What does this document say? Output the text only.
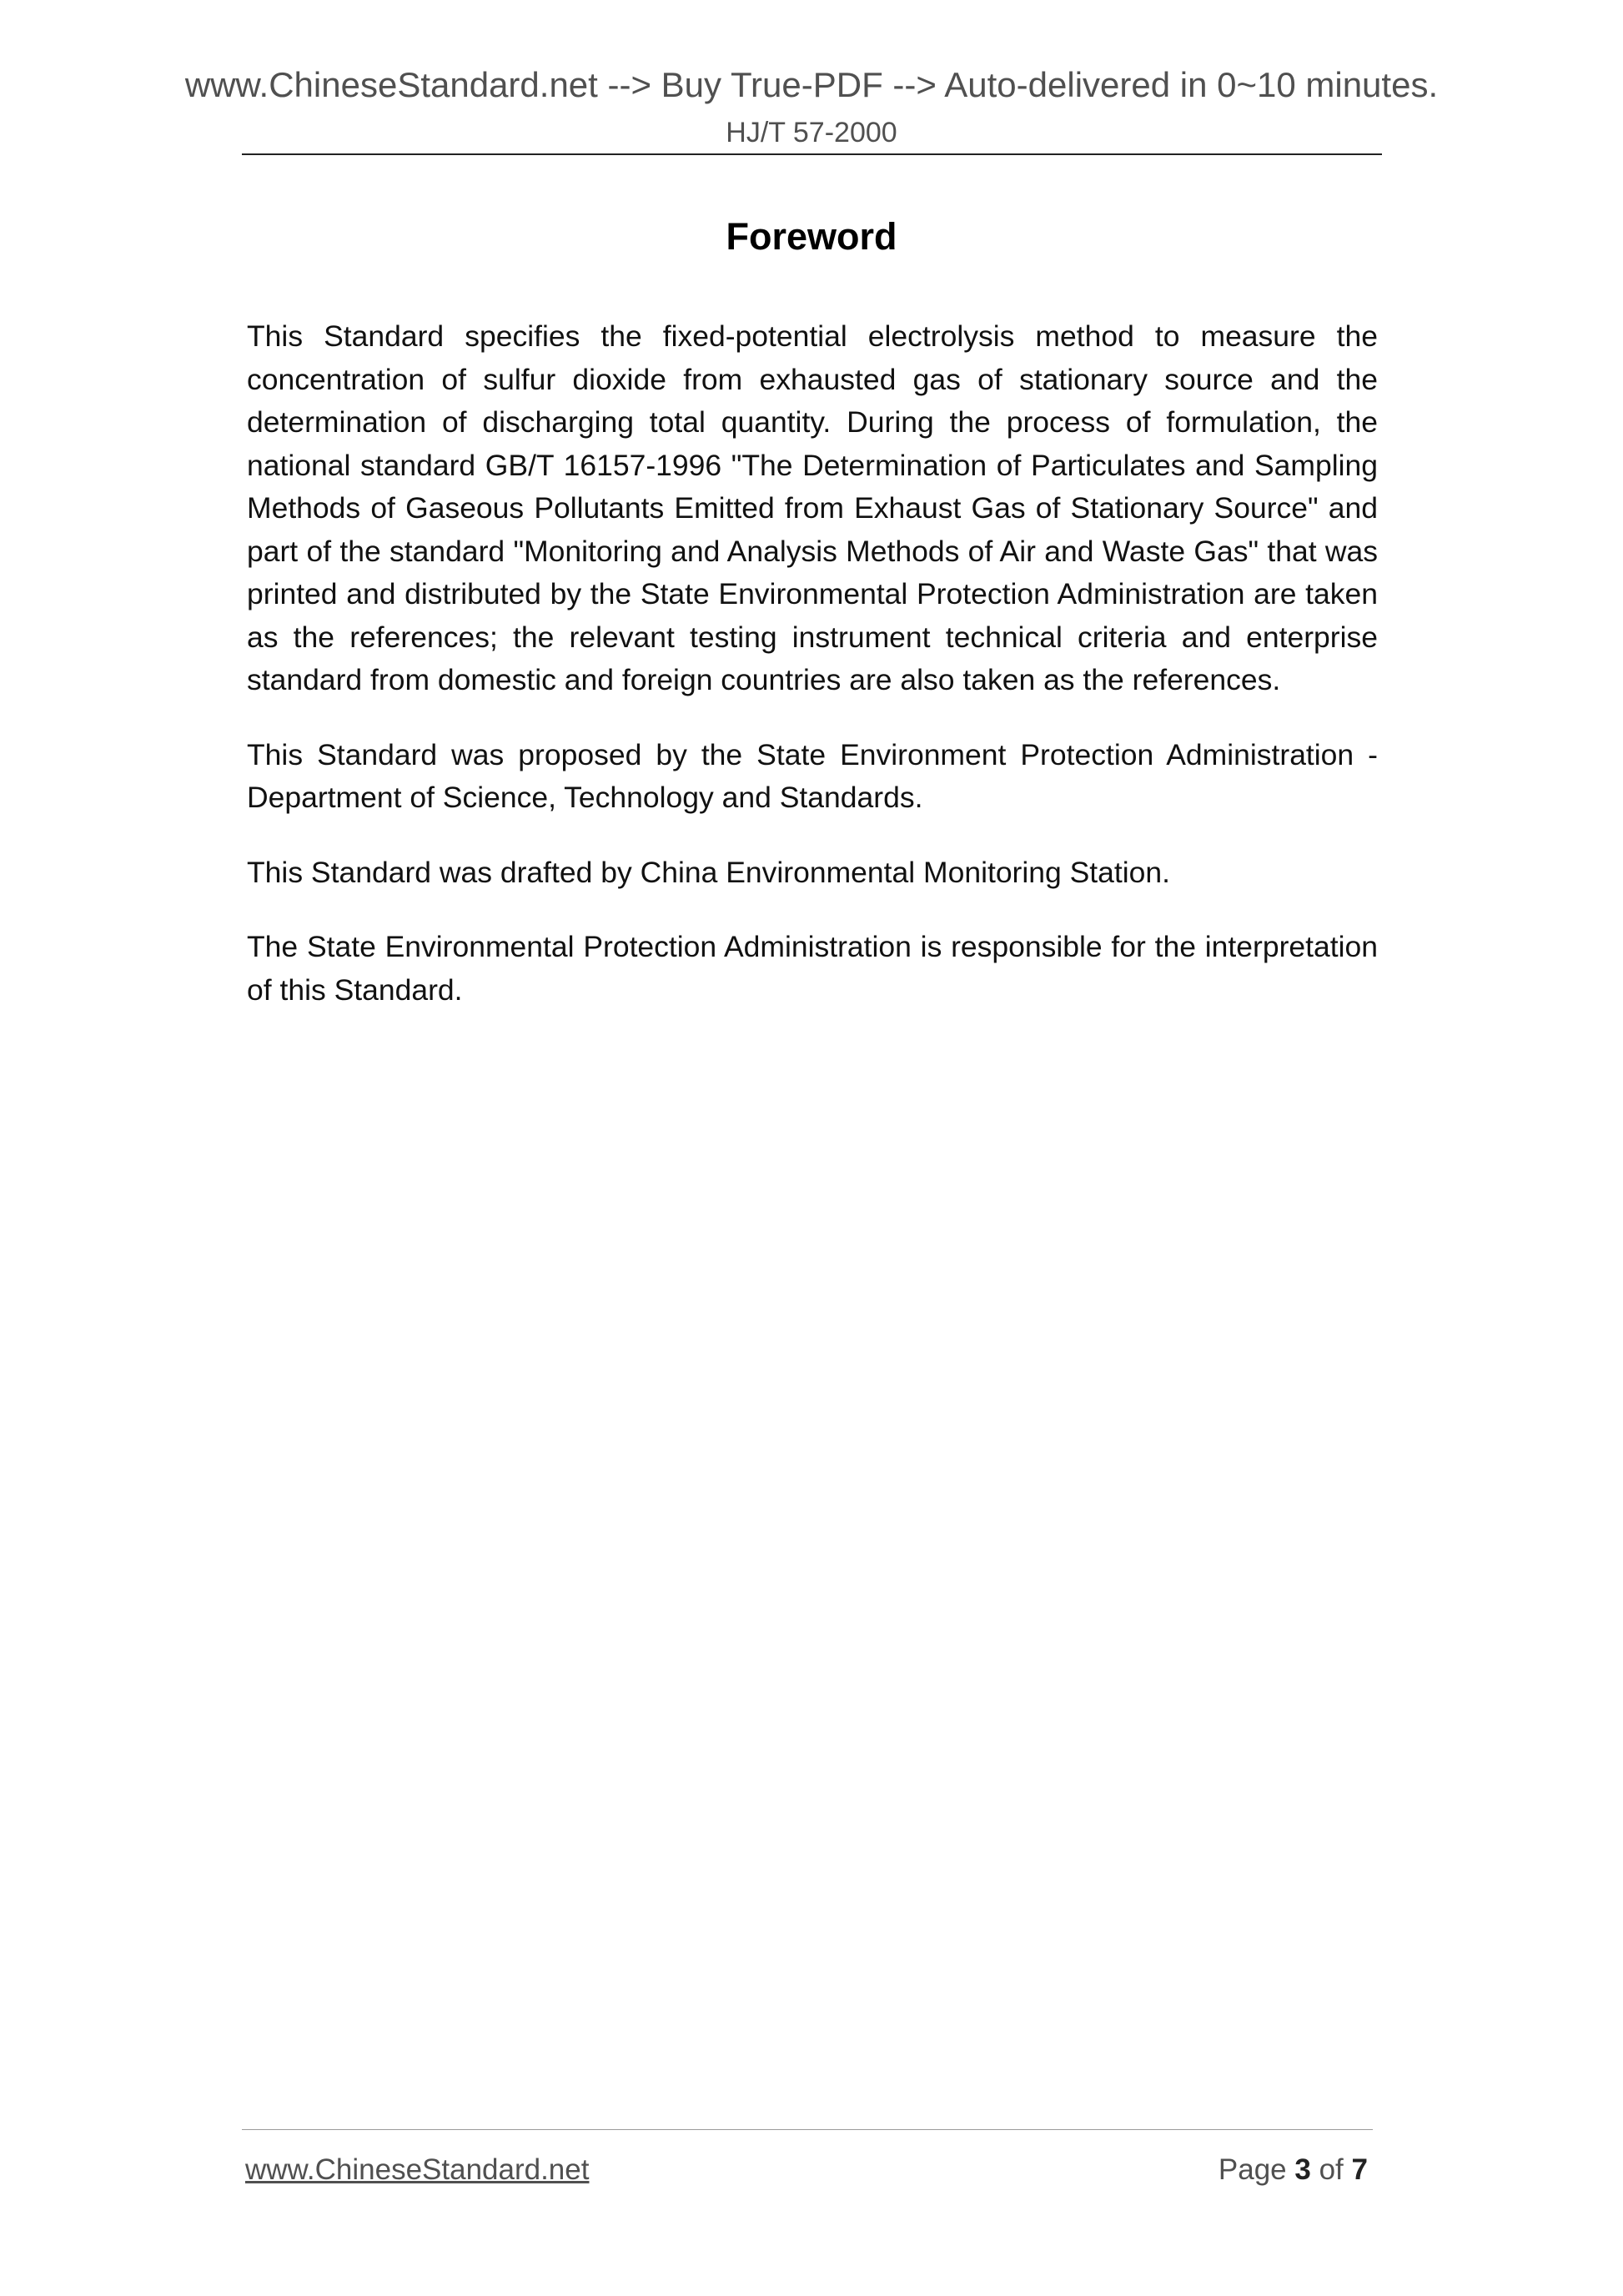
www.ChineseStandard.net --> Buy True-PDF --> Auto-delivered in 0~10 minutes.
HJ/T 57-2000
Foreword

This Standard specifies the fixed-potential electrolysis method to measure the concentration of sulfur dioxide from exhausted gas of stationary source and the determination of discharging total quantity. During the process of formulation, the national standard GB/T 16157-1996 "The Determination of Particulates and Sampling Methods of Gaseous Pollutants Emitted from Exhaust Gas of Stationary Source" and part of the standard "Monitoring and Analysis Methods of Air and Waste Gas" that was printed and distributed by the State Environmental Protection Administration are taken as the references; the relevant testing instrument technical criteria and enterprise standard from domestic and foreign countries are also taken as the references.

This Standard was proposed by the State Environment Protection Administration - Department of Science, Technology and Standards.

This Standard was drafted by China Environmental Monitoring Station.

The State Environmental Protection Administration is responsible for the interpretation of this Standard.

www.ChineseStandard.net	Page 3 of 7
